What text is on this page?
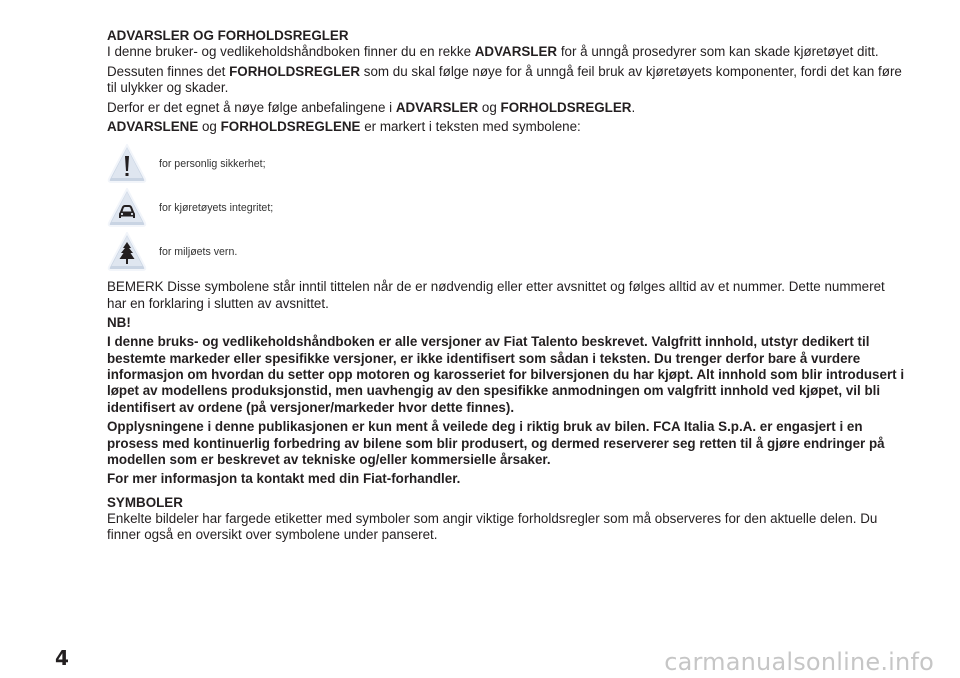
ADVARSLER OG FORHOLDSREGLER

I denne bruker- og vedlikeholdshåndboken finner du en rekke ADVARSLER for å unngå prosedyrer som kan skade kjøretøyet ditt.

Dessuten finnes det FORHOLDSREGLER som du skal følge nøye for å unngå feil bruk av kjøretøyets komponenter, fordi det kan føre til ulykker og skader.

Derfor er det egnet å nøye følge anbefalingene i ADVARSLER og FORHOLDSREGLER.

ADVARSLENE og FORHOLDSREGLENE er markert i teksten med symbolene:

for personlig sikkerhet;
for kjøretøyets integritet;
for miljøets vern.

BEMERK Disse symbolene står inntil tittelen når de er nødvendig eller etter avsnittet og følges alltid av et nummer. Dette nummeret har en forklaring i slutten av avsnittet.

NB!

I denne bruks- og vedlikeholdshåndboken er alle versjoner av Fiat Talento beskrevet. Valgfritt innhold, utstyr dedikert til bestemte markeder eller spesifikke versjoner, er ikke identifisert som sådan i teksten. Du trenger derfor bare å vurdere informasjon om hvordan du setter opp motoren og karosseriet for bilversjonen du har kjøpt. Alt innhold som blir introdusert i løpet av modellens produksjonstid, men uavhengig av den spesifikke anmodningen om valgfritt innhold ved kjøpet, vil bli identifisert av ordene (på versjoner/markeder hvor dette finnes).

Opplysningene i denne publikasjonen er kun ment å veilede deg i riktig bruk av bilen. FCA Italia S.p.A. er engasjert i en prosess med kontinuerlig forbedring av bilene som blir produsert, og dermed reserverer seg retten til å gjøre endringer på modellen som er beskrevet av tekniske og/eller kommersielle årsaker.

For mer informasjon ta kontakt med din Fiat-forhandler.

SYMBOLER

Enkelte bildeler har fargede etiketter med symboler som angir viktige forholdsregler som må observeres for den aktuelle delen. Du finner også en oversikt over symbolene under panseret.

4	carmanualsonline.info
